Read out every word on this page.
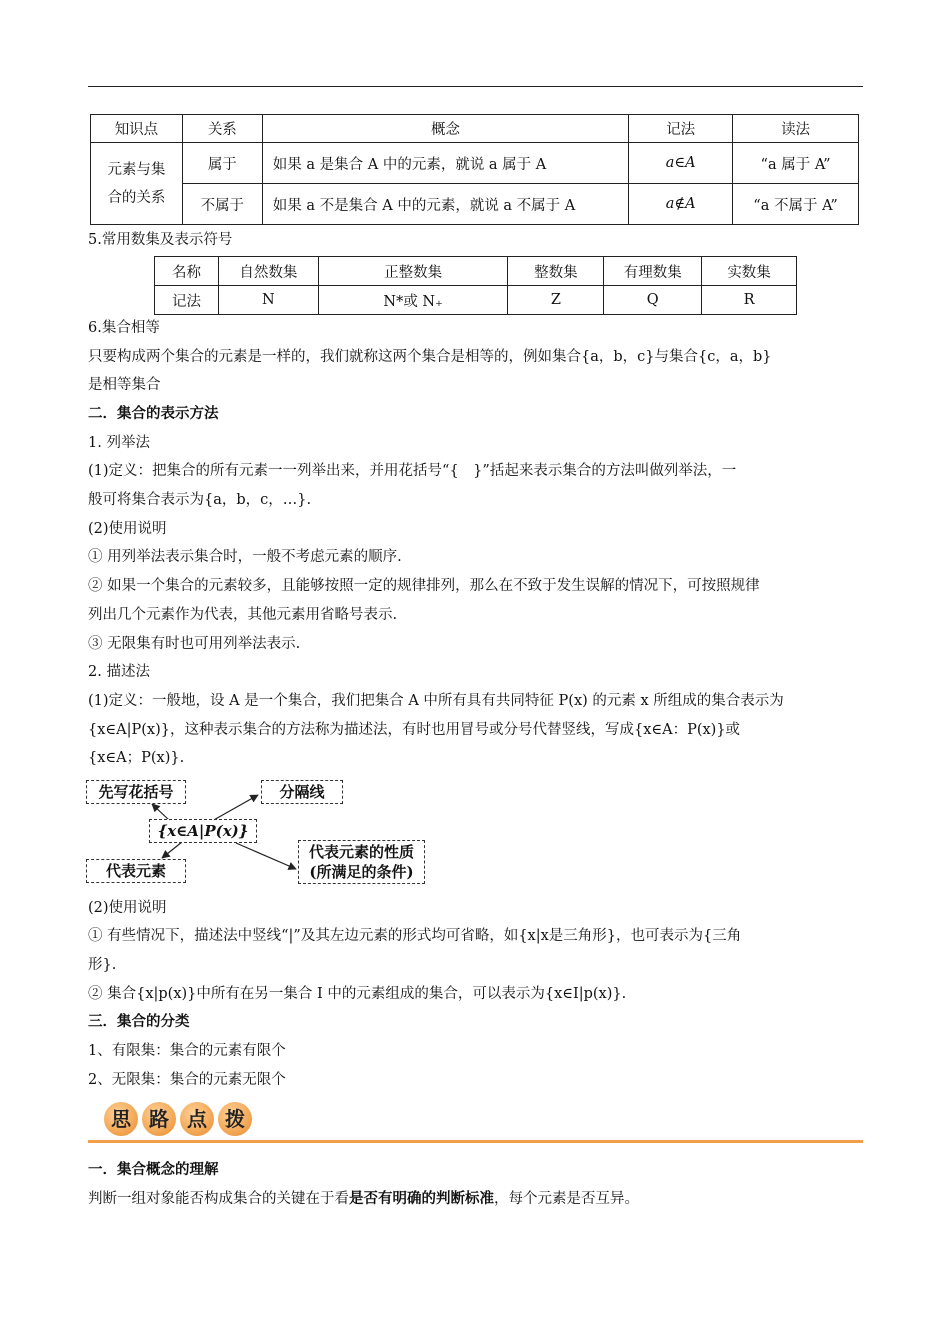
知识点	关系	概念	记法	读法

元素与集
合的关系	属于	如果 a 是集合 A 中的元素，就说 a 属于 A	a∈A	“a 属于 A”
	不属于	如果 a 不是集合 A 中的元素，就说 a 不属于 A	a∉A	“a 不属于 A”
5.常用数集及表示符号
名称	自然数集	正整数集	整数集	有理数集	实数集
记法	N	N*或 N₊	Z	Q	R
6.集合相等
只要构成两个集合的元素是一样的，我们就称这两个集合是相等的，例如集合{a，b，c}与集合{c，a，b}
是相等集合
二．集合的表示方法
1. 列举法
(1)定义：把集合的所有元素一一列举出来，并用花括号“{　}”括起来表示集合的方法叫做列举法，一
般可将集合表示为{a，b，c，…}.
(2)使用说明
① 用列举法表示集合时，一般不考虑元素的顺序.
② 如果一个集合的元素较多，且能够按照一定的规律排列，那么在不致于发生误解的情况下，可按照规律
列出几个元素作为代表，其他元素用省略号表示.
③ 无限集有时也可用列举法表示.
2. 描述法
(1)定义：一般地，设 A 是一个集合，我们把集合 A 中所有具有共同特征 P(x) 的元素 x 所组成的集合表示为
{x∈A|P(x)}，这种表示集合的方法称为描述法，有时也用冒号或分号代替竖线，写成{x∈A：P(x)}或
{x∈A；P(x)}.
先写花括号	分隔线
{x∈A|P(x)}
代表元素
代表元素的性质
(所满足的条件)
(2)使用说明
① 有些情况下，描述法中竖线“|”及其左边元素的形式均可省略，如{x|x是三角形}，也可表示为{三角
形}.
② 集合{x|p(x)}中所有在另一集合 I 中的元素组成的集合，可以表示为{x∈I|p(x)}.
三．集合的分类
1、有限集：集合的元素有限个
2、无限集：集合的元素无限个
思 路 点 拨
一．集合概念的理解
判断一组对象能否构成集合的关键在于看是否有明确的判断标准，每个元素是否互异。
